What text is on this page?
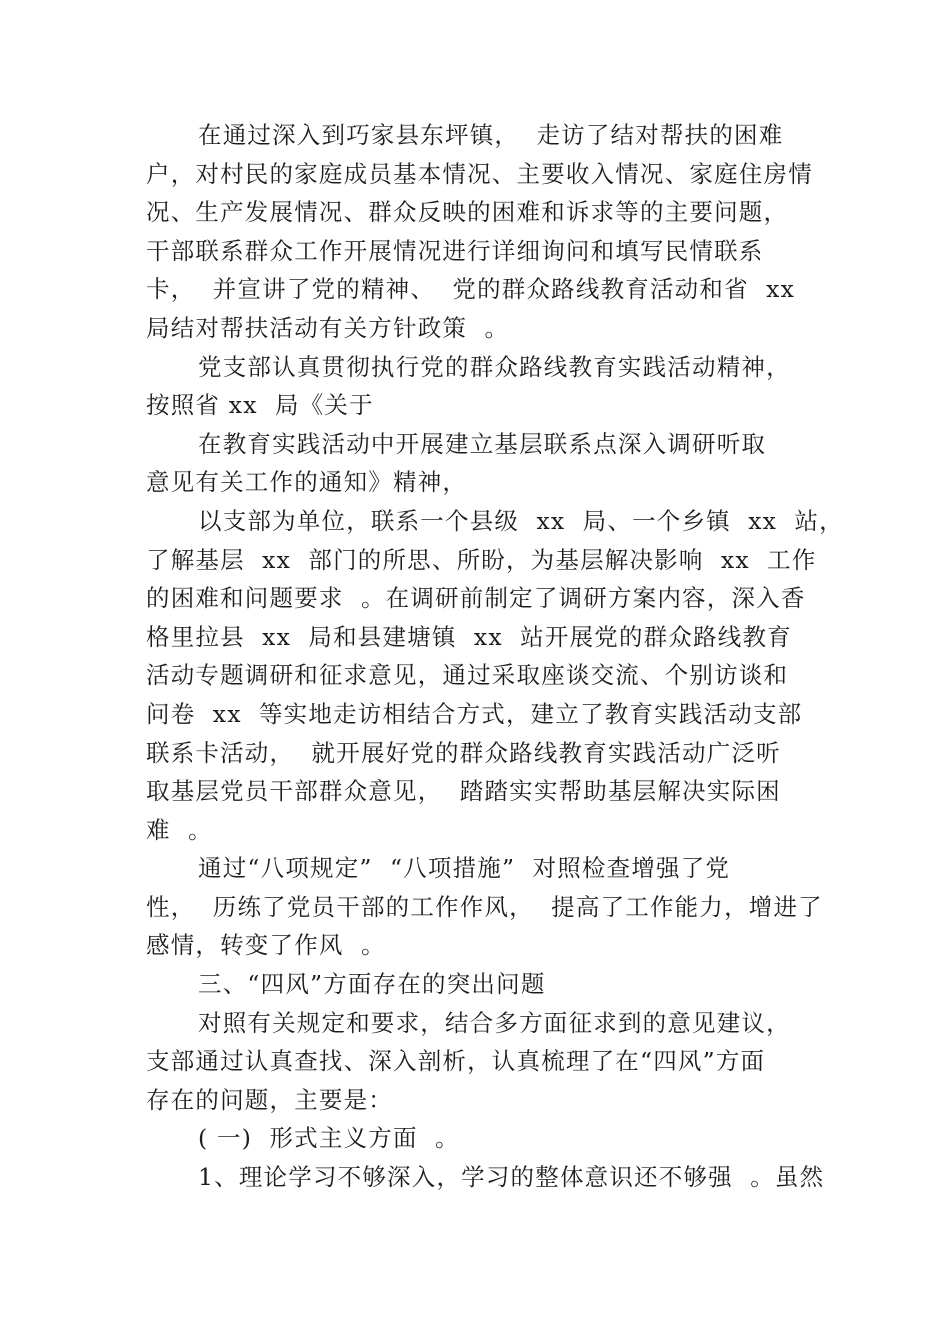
在通过深入到巧家县东坪镇，  走访了结对帮扶的困难
户，对村民的家庭成员基本情况、主要收入情况、家庭住房情
况、生产发展情况、群众反映的困难和诉求等的主要问题，
干部联系群众工作开展情况进行详细询问和填写民情联系
卡，  并宣讲了党的精神、  党的群众路线教育活动和省  xx
局结对帮扶活动有关方针政策  。
党支部认真贯彻执行党的群众路线教育实践活动精神，
按照省 xx  局《关于
在教育实践活动中开展建立基层联系点深入调研听取
意见有关工作的通知》精神，
以支部为单位，联系一个县级  xx  局、一个乡镇  xx  站，
了解基层  xx  部门的所思、所盼，为基层解决影响  xx  工作
的困难和问题要求  。在调研前制定了调研方案内容，深入香
格里拉县  xx  局和县建塘镇  xx  站开展党的群众路线教育
活动专题调研和征求意见，通过采取座谈交流、个别访谈和
问卷  xx  等实地走访相结合方式，建立了教育实践活动支部
联系卡活动，  就开展好党的群众路线教育实践活动广泛听
取基层党员干部群众意见，  踏踏实实帮助基层解决实际困
难  。
通过“八项规定”  “八项措施”  对照检查增强了党
性，  历练了党员干部的工作作风，  提高了工作能力，增进了
感情，转变了作风  。
三、“四风”方面存在的突出问题
对照有关规定和要求，结合多方面征求到的意见建议，
支部通过认真查找、深入剖析，认真梳理了在“四风”方面
存在的问题，主要是：
( 一)  形式主义方面  。
1、理论学习不够深入，学习的整体意识还不够强  。虽然
